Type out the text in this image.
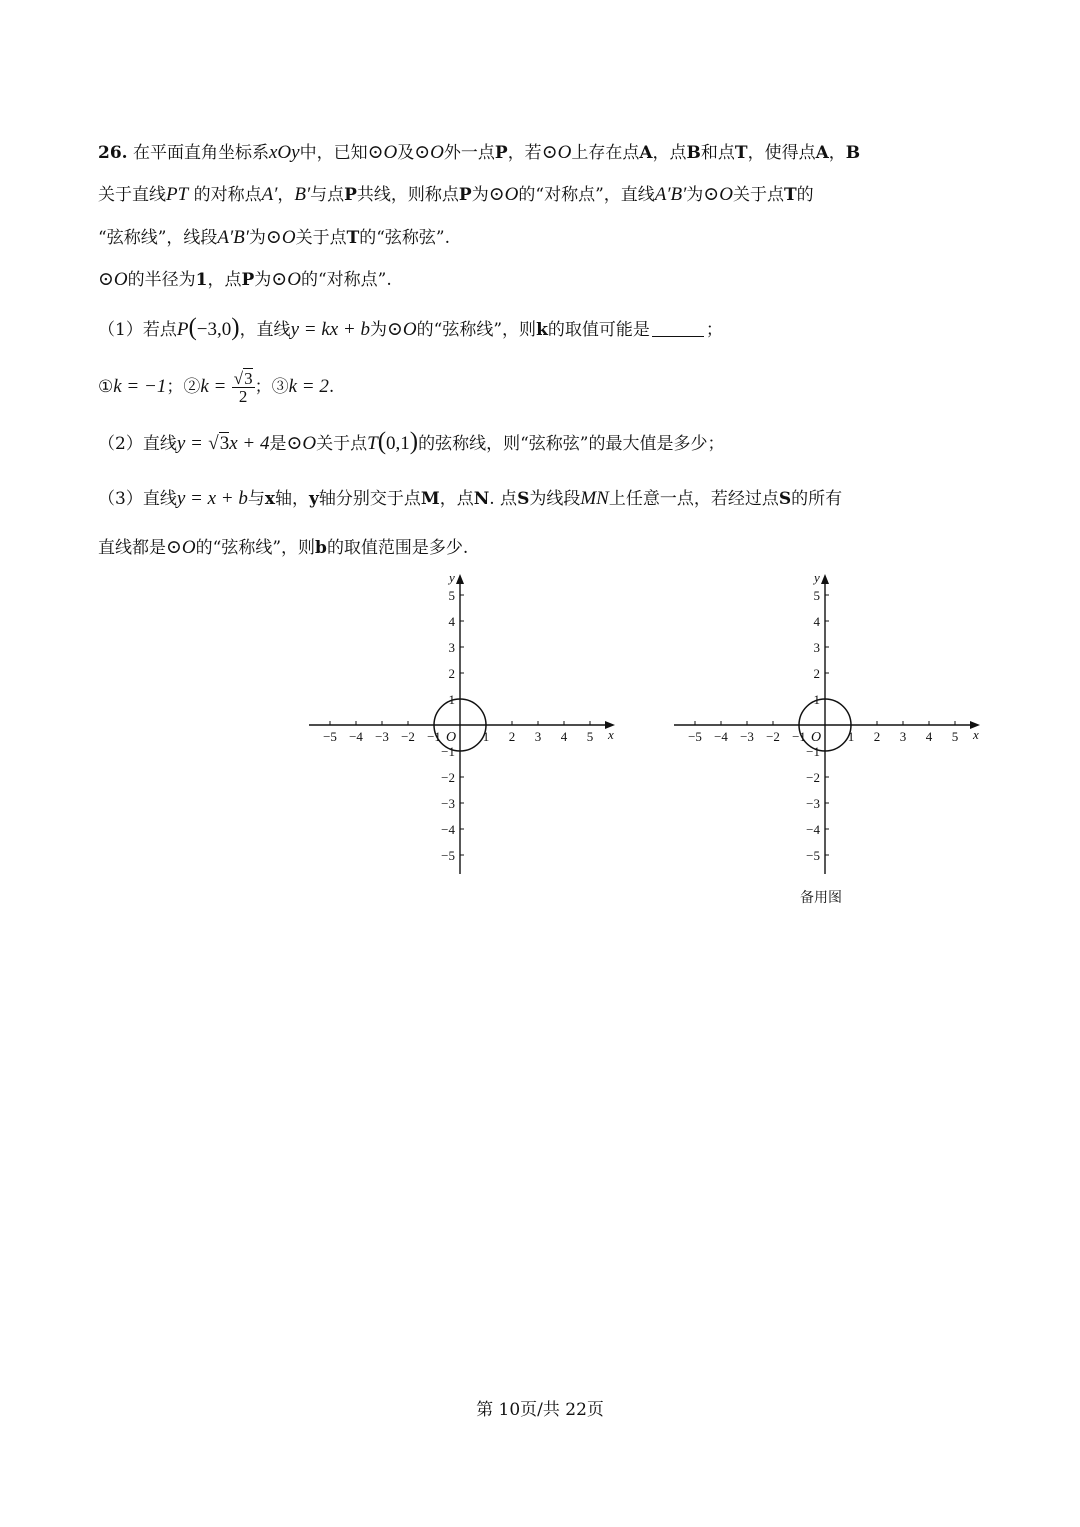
26. 在平面直角坐标系xOy中，已知⊙O及⊙O外一点P，若⊙O上存在点A，点B和点T，使得点A，B
关于直线PT 的对称点A′，B′与点P共线，则称点P为⊙O的“对称点”，直线A′B′为⊙O关于点T的
“弦称线”，线段A′B′为⊙O关于点T的“弦称弦”.
⊙O的半径为1，点P为⊙O的“对称点”.
（1）若点P(−3,0)，直线y = kx + b为⊙O的“弦称线”，则k的取值可能是	；
①k = −1；②k = $\frac{√3}{2}$ ；③k = 2.
（2）直线y = √3x + 4是⊙O关于点T(0,1)的弦称线，则“弦称弦”的最大值是多少；
（3）直线y = x + b与x轴，y轴分别交于点M，点N. 点S为线段MN上任意一点，若经过点S的所有
直线都是⊙O的“弦称线”，则b的取值范围是多少.
−5 −4 −3 −2 −1	1 2 3 4 5
5
4
3
2
1
−1
−2
−3
−4
−5
O	x
y
−5 −4 −3 −2 −1	1 2 3 4 5
5
4
3
2
1
−1
−2
−3
−4
−5
O	x
y
备用图
第 10页/共 22页
